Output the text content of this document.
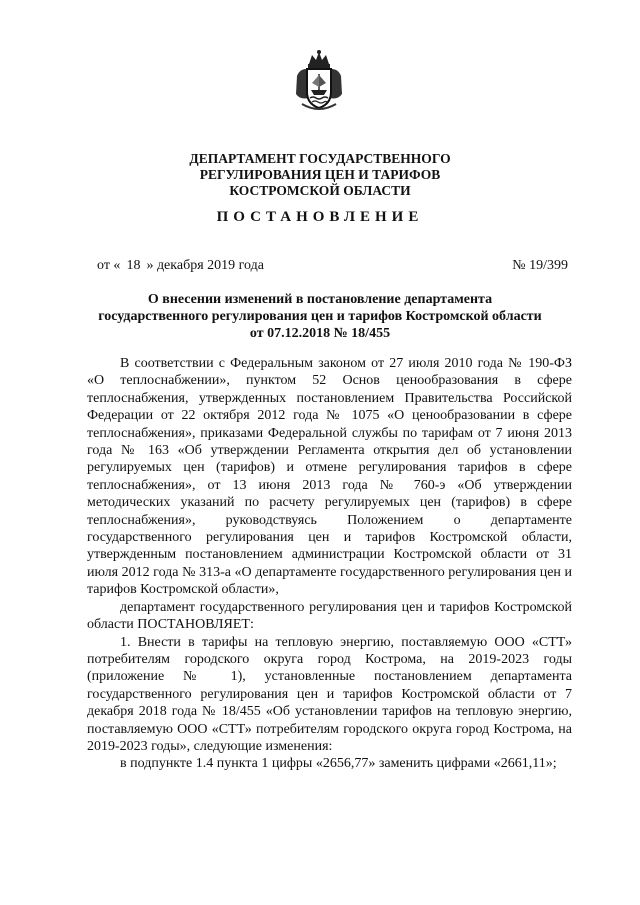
ДЕПАРТАМЕНТ ГОСУДАРСТВЕННОГО
РЕГУЛИРОВАНИЯ ЦЕН И ТАРИФОВ
КОСТРОМСКОЙ ОБЛАСТИ
ПОСТАНОВЛЕНИЕ
от « 18 » декабря 2019 года	№ 19/399
О внесении изменений в постановление департамента
государственного регулирования цен и тарифов Костромской области
от 07.12.2018 № 18/455

В соответствии с Федеральным законом от 27 июля 2010 года № 190-ФЗ «О теплоснабжении», пунктом 52 Основ ценообразования в сфере теплоснабжения, утвержденных постановлением Правительства Российской Федерации от 22 октября 2012 года № 1075 «О ценообразовании в сфере теплоснабжения», приказами Федеральной службы по тарифам от 7 июня 2013 года № 163 «Об утверждении Регламента открытия дел об установлении регулируемых цен (тарифов) и отмене регулирования тарифов в сфере теплоснабжения», от 13 июня 2013 года № 760-э «Об утверждении методических указаний по расчету регулируемых цен (тарифов) в сфере теплоснабжения», руководствуясь Положением о департаменте государственного регулирования цен и тарифов Костромской области, утвержденным постановлением администрации Костромской области от 31 июля 2012 года № 313-а «О департаменте государственного регулирования цен и тарифов Костромской области»,

департамент государственного регулирования цен и тарифов Костромской области ПОСТАНОВЛЯЕТ:

1. Внести в тарифы на тепловую энергию, поставляемую ООО «СТТ» потребителям городского округа город Кострома, на 2019-2023 годы (приложение № 1), установленные постановлением департамента государственного регулирования цен и тарифов Костромской области от 7 декабря 2018 года № 18/455 «Об установлении тарифов на тепловую энергию, поставляемую ООО «СТТ» потребителям городского округа город Кострома, на 2019-2023 годы», следующие изменения:

в подпункте 1.4 пункта 1 цифры «2656,77» заменить цифрами «2661,11»;
